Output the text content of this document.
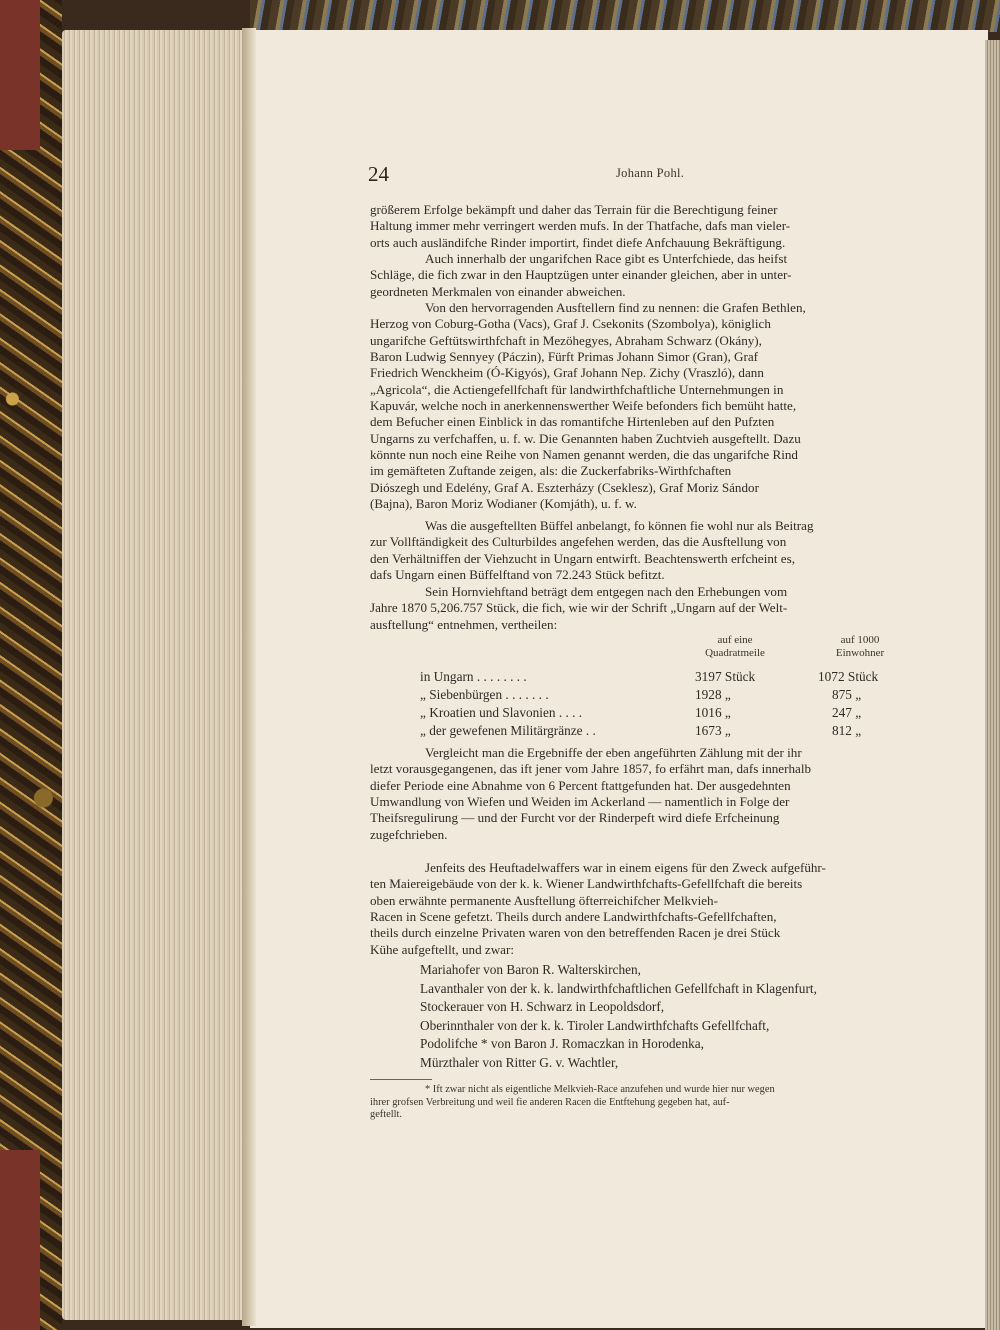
24	Johann Pohl.
größerem Erfolge bekämpft und daher das Terrain für die Berechtigung feiner
Haltung immer mehr verringert werden mufs. In der Thatfache, dafs man vieler-
orts auch ausländifche Rinder importirt, findet diefe Anfchauung Bekräftigung.
Auch innerhalb der ungarifchen Race gibt es Unterfchiede, das heifst
Schläge, die fich zwar in den Hauptzügen unter einander gleichen, aber in unter-
geordneten Merkmalen von einander abweichen.
Von den hervorragenden Ausftellern find zu nennen: die Grafen Bethlen,
Herzog von Coburg-Gotha (Vacs), Graf J. Csekonits (Szombolya), königlich
ungarifche Geftütswirthfchaft in Mezöhegyes, Abraham Schwarz (Okány),
Baron Ludwig Sennyey (Páczin), Fürft Primas Johann Simor (Gran), Graf
Friedrich Wenckheim (Ó-Kigyós), Graf Johann Nep. Zichy (Vraszló), dann
„Agricola“, die Actiengefellfchaft für landwirthfchaftliche Unternehmungen in
Kapuvár, welche noch in anerkennenswerther Weife befonders fich bemüht hatte,
dem Befucher einen Einblick in das romantifche Hirtenleben auf den Pufzten
Ungarns zu verfchaffen, u. f. w. Die Genannten haben Zuchtvieh ausgeftellt. Dazu
könnte nun noch eine Reihe von Namen genannt werden, die das ungarifche Rind
im gemäfteten Zuftande zeigen, als: die Zuckerfabriks-Wirthfchaften
Diószegh und Edelény, Graf A. Eszterházy (Cseklesz), Graf Moriz Sándor
(Bajna), Baron Moriz Wodianer (Komjáth), u. f. w.
Was die ausgeftellten Büffel anbelangt, fo können fie wohl nur als Beitrag
zur Vollftändigkeit des Culturbildes angefehen werden, das die Ausftellung von
den Verhältniffen der Viehzucht in Ungarn entwirft. Beachtenswerth erfcheint es,
dafs Ungarn einen Büffelftand von 72.243 Stück befitzt.
Sein Hornviehftand beträgt dem entgegen nach den Erhebungen vom
Jahre 1870 5,206.757 Stück, die fich, wie wir der Schrift „Ungarn auf der Welt-
ausftellung“ entnehmen, vertheilen:
auf eine
Quadratmeile
auf 1000
Einwohner
in Ungarn . . . . . . . .	3197 Stück	1072 Stück
„ Siebenbürgen . . . . . . .	1928 „	875 „
„ Kroatien und Slavonien . . . .	1016 „	247 „
„ der gewefenen Militärgränze . .	1673 „	812 „
Vergleicht man die Ergebniffe der eben angeführten Zählung mit der ihr
letzt vorausgegangenen, das ift jener vom Jahre 1857, fo erfährt man, dafs innerhalb
diefer Periode eine Abnahme von 6 Percent ftattgefunden hat. Der ausgedehnten
Umwandlung von Wiefen und Weiden im Ackerland — namentlich in Folge der
Theifsregulirung — und der Furcht vor der Rinderpeft wird diefe Erfcheinung
zugefchrieben.
Jenfeits des Heuftadelwaffers war in einem eigens für den Zweck aufgeführ-
ten Maiereigebäude von der k. k. Wiener Landwirthfchafts-Gefellfchaft die bereits
oben erwähnte permanente Ausftellung öfterreichifcher Melkvieh-
Racen in Scene gefetzt. Theils durch andere Landwirthfchafts-Gefellfchaften,
theils durch einzelne Privaten waren von den betreffenden Racen je drei Stück
Kühe aufgeftellt, und zwar:
Mariahofer von Baron R. Walterskirchen,
Lavanthaler von der k. k. landwirthfchaftlichen Gefellfchaft in Klagenfurt,
Stockerauer von H. Schwarz in Leopoldsdorf,
Oberinnthaler von der k. k. Tiroler Landwirthfchafts Gefellfchaft,
Podolifche * von Baron J. Romaczkan in Horodenka,
Mürzthaler von Ritter G. v. Wachtler,
* Ift zwar nicht als eigentliche Melkvieh-Race anzufehen und wurde hier nur wegen
ihrer grofsen Verbreitung und weil fie anderen Racen die Entftehung gegeben hat, auf-
geftellt.
